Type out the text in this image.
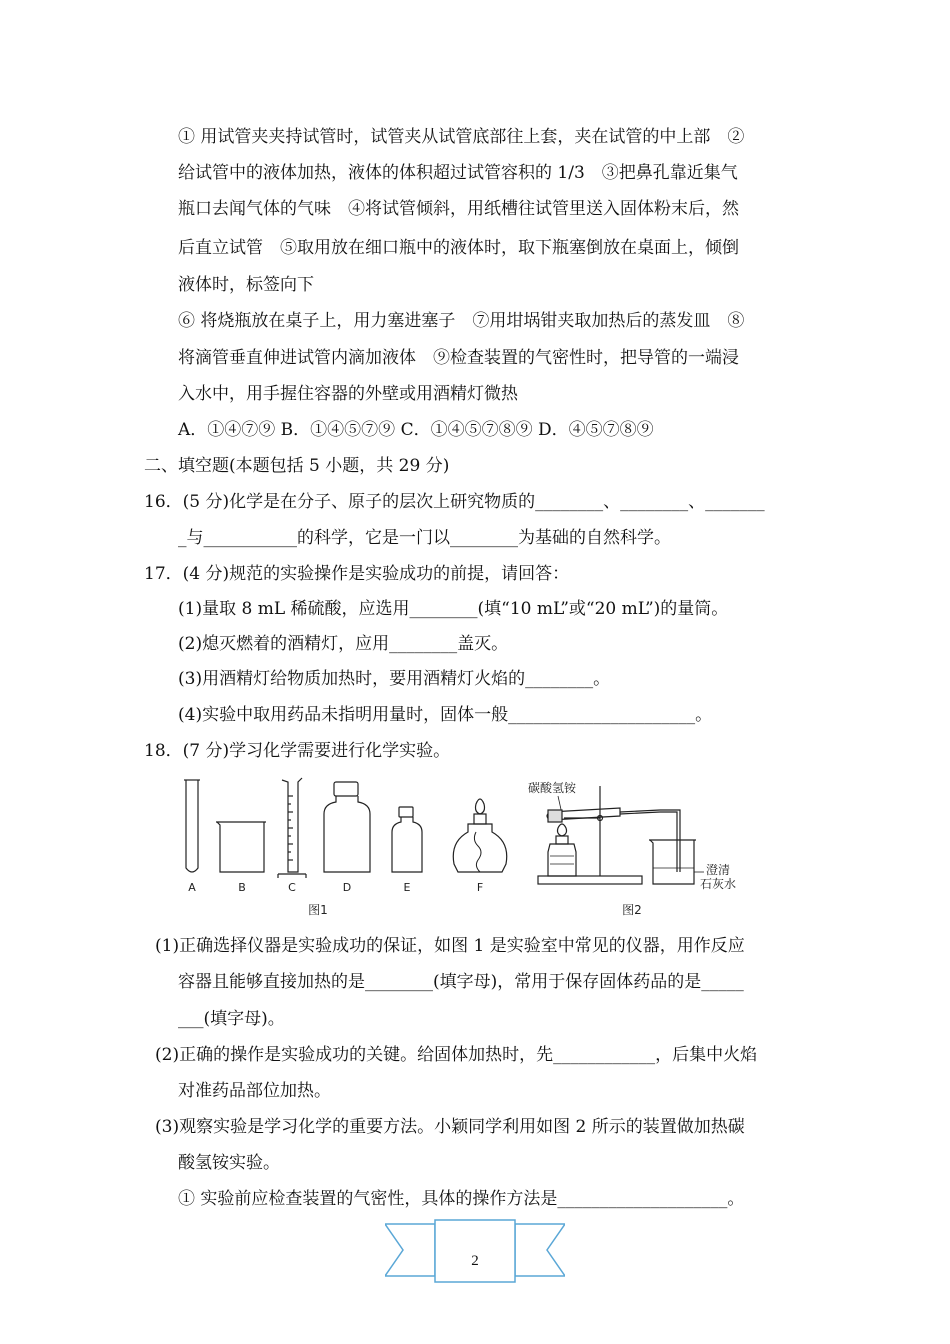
① 用试管夹夹持试管时，试管夹从试管底部往上套，夹在试管的中上部　②
给试管中的液体加热，液体的体积超过试管容积的 1/3　③把鼻孔靠近集气
瓶口去闻气体的气味　④将试管倾斜，用纸槽往试管里送入固体粉末后，然
后直立试管　⑤取用放在细口瓶中的液体时，取下瓶塞倒放在桌面上，倾倒
液体时，标签向下
⑥ 将烧瓶放在桌子上，用力塞进塞子　⑦用坩埚钳夹取加热后的蒸发皿　⑧
将滴管垂直伸进试管内滴加液体　⑨检查装置的气密性时，把导管的一端浸
入水中，用手握住容器的外壁或用酒精灯微热
A．①④⑦⑨ B．①④⑤⑦⑨ C．①④⑤⑦⑧⑨ D．④⑤⑦⑧⑨
二、填空题(本题包括 5 小题，共 29 分)
16．(5 分)化学是在分子、原子的层次上研究物质的________、________、_______
_与___________的科学，它是一门以________为基础的自然科学。
17．(4 分)规范的实验操作是实验成功的前提，请回答：
(1)量取 8 mL 稀硫酸，应选用________(填“10 mL”或“20 mL”)的量筒。
(2)熄灭燃着的酒精灯，应用________盖灭。
(3)用酒精灯给物质加热时，要用酒精灯火焰的________。
(4)实验中取用药品未指明用量时，固体一般______________________。
18．(7 分)学习化学需要进行化学实验。
A	B	C	D	E	F
图1
碳酸氢铵
澄清
石灰水
图2
(1)正确选择仪器是实验成功的保证，如图 1 是实验室中常见的仪器，用作反应
容器且能够直接加热的是________(填字母)，常用于保存固体药品的是_____
___(填字母)。
(2)正确的操作是实验成功的关键。给固体加热时，先____________，后集中火焰
对准药品部位加热。
(3)观察实验是学习化学的重要方法。小颖同学利用如图 2 所示的装置做加热碳
酸氢铵实验。
① 实验前应检查装置的气密性，具体的操作方法是____________________。
2
